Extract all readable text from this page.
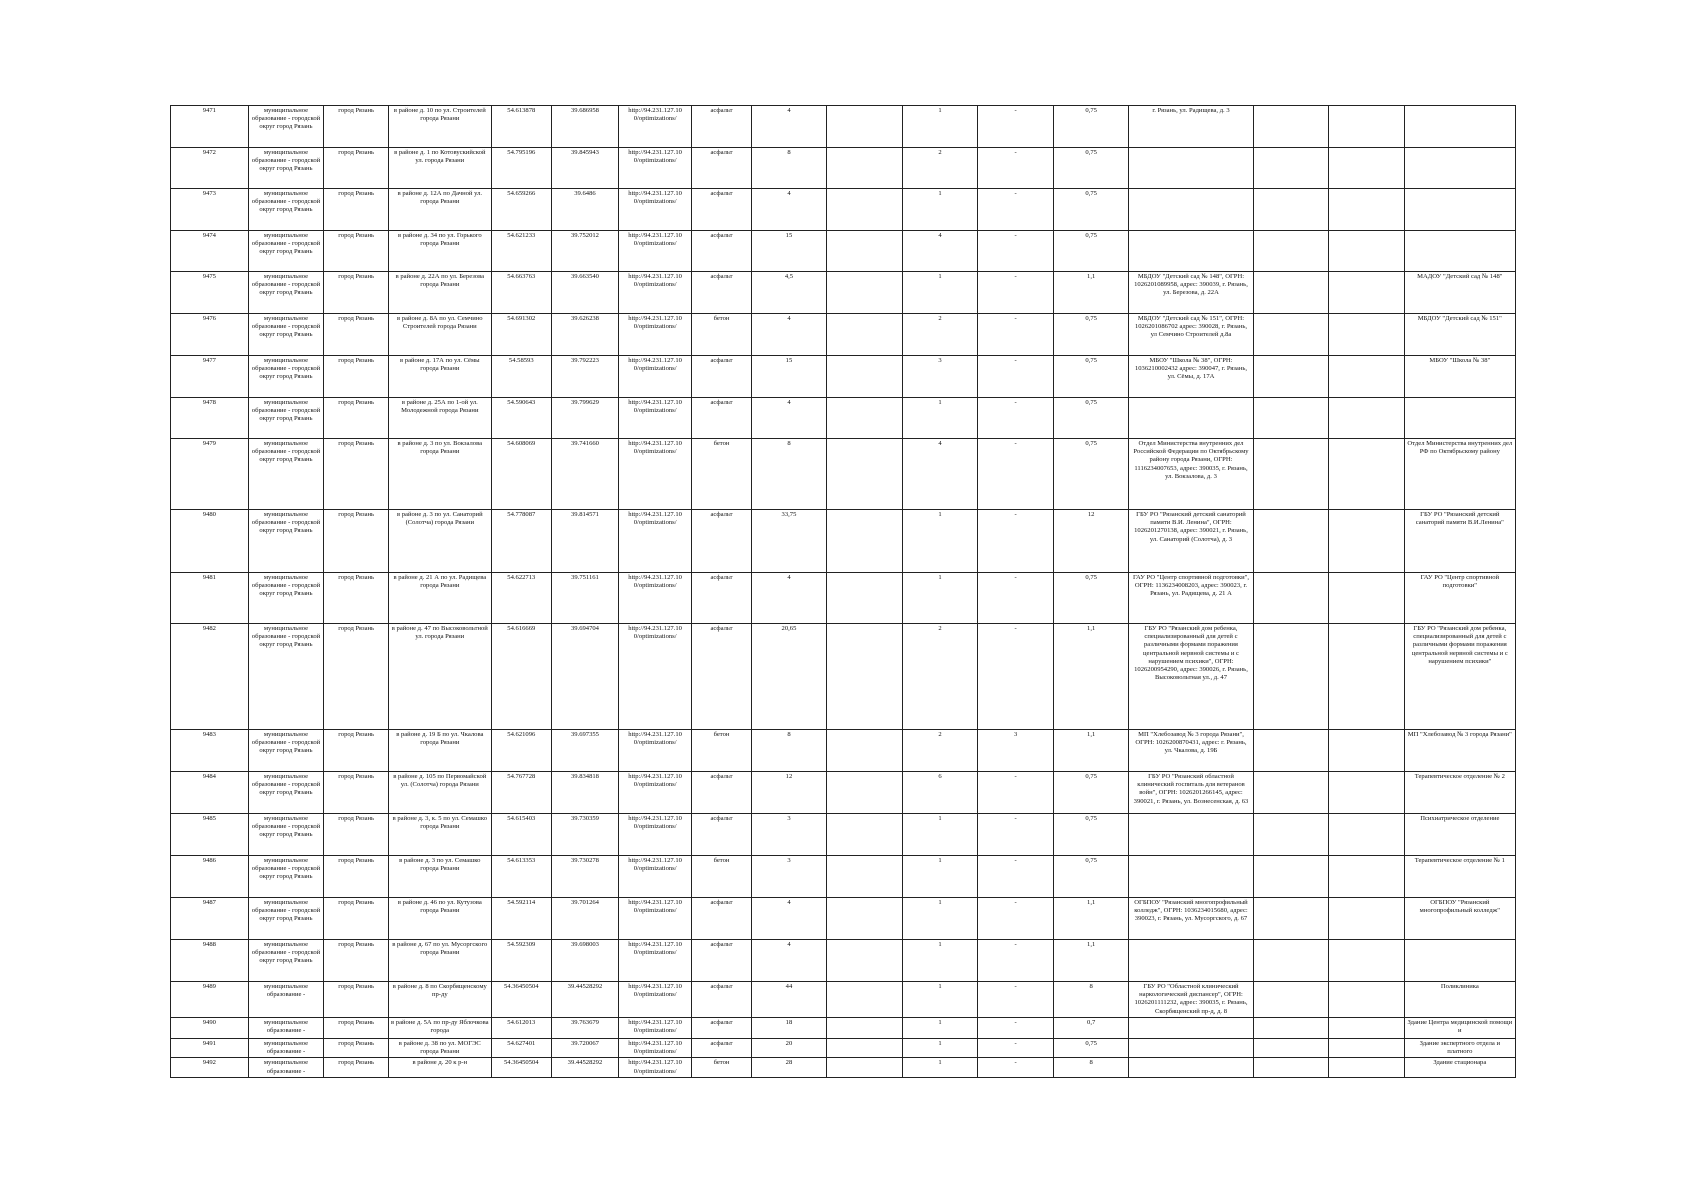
9471	муниципальное образование - городской округ город Рязань	город Рязань	в районе д. 10 по ул. Строителей города Рязани	54.613878	39.686958	http://94.231.127.10 0/optimizations/	асфальт	4		1	-	0,75	г. Рязань, ул. Радищева, д. 3			
9472	муниципальное образование - городской округ город Рязань	город Рязань	в районе д. 1 по Котовускийской ул. города Рязани	54.795196	39.845943	http://94.231.127.10 0/optimizations/	асфальт	8		2	-	0,75				
9473	муниципальное образование - городской округ город Рязань	город Рязань	в районе д. 12А по Дачной ул. города Рязани	54.659266	39.6486	http://94.231.127.10 0/optimizations/	асфальт	4		1	-	0,75				
9474	муниципальное образование - городской округ город Рязань	город Рязань	в районе д. 34 по ул. Горького города Рязани	54.621233	39.752012	http://94.231.127.10 0/optimizations/	асфальт	15		4	-	0,75				
9475	муниципальное образование - городской округ город Рязань	город Рязань	в районе д. 22А по ул. Березова города Рязани	54.663763	39.663540	http://94.231.127.10 0/optimizations/	асфальт	4,5		1	-	1,1	МБДОУ "Детский сад № 148", ОГРН: 1026201089958, адрес: 390039, г. Рязань, ул. Березова, д. 22А			МАДОУ "Детский сад № 148"
9476	муниципальное образование - городской округ город Рязань	город Рязань	в районе д. 8А по ул. Семчино Строителей города Рязани	54.691302	39.626238	http://94.231.127.10 0/optimizations/	бетон	4		2	-	0,75	МБДОУ "Детский сад № 151", ОГРН: 1026201086702 адрес: 390028, г. Рязань, ул Семчино Строителей д.8а			МБДОУ "Детский сад № 151"
9477	муниципальное образование - городской округ город Рязань	город Рязань	в районе д. 17А по ул. Сёмы города Рязани	54.58593	39.792223	http://94.231.127.10 0/optimizations/	асфальт	15		3	-	0,75	МБОУ "Школа № 38", ОГРН: 1036210002432 адрес: 390047, г. Рязань, ул. Сёмы, д. 17А			МБОУ "Школа № 38"
9478	муниципальное образование - городской округ город Рязань	город Рязань	в районе д. 25А по 1-ой ул. Молодежной города Рязани	54.590643	39.799629	http://94.231.127.10 0/optimizations/	асфальт	4		1	-	0,75				
9479	муниципальное образование - городской округ город Рязань	город Рязань	в районе д. 3 по ул. Вокзалова города Рязани	54.608069	39.741660	http://94.231.127.10 0/optimizations/	бетон	8		4	-	0,75	Отдел Министерства внутренних дел Российской Федерации по Октябрьскому району города Рязани, ОГРН: 1116234007653, адрес: 390035, г. Рязань, ул. Вокзалова, д. 3			Отдел Министерства внутренних дел РФ по Октябрьскому району
9480	муниципальное образование - городской округ город Рязань	город Рязань	в районе д. 3 по ул. Санаторий (Солотча) города Рязани	54.778087	39.814571	http://94.231.127.10 0/optimizations/	асфальт	33,75		1	-	12	ГБУ РО "Рязанский детский санаторий памяти В.И. Ленина", ОГРН: 1026201270138, адрес: 390021, г. Рязань, ул. Санаторий (Солотча), д. 3			ГБУ РО "Рязанский детский санаторий памяти В.И.Ленина"
9481	муниципальное образование - городской округ город Рязань	город Рязань	в районе д. 21 А по ул. Радищева города Рязани	54.622713	39.751161	http://94.231.127.10 0/optimizations/	асфальт	4		1	-	0,75	ГАУ РО "Центр спортивной подготовки", ОГРН: 1136234008203, адрес: 390023, г. Рязань, ул. Радищева, д. 21 А			ГАУ РО "Центр спортивной подготовки"
9482	муниципальное образование - городской округ город Рязань	город Рязань	в районе д. 47 по Высоковольтной ул. города Рязани	54.616669	39.694704	http://94.231.127.10 0/optimizations/	асфальт	20,65		2	-	1,1	ГБУ РО "Рязанский дом ребенка, специализированный для детей с различными формами поражения центральной нервной системы и с нарушением психики", ОГРН: 1026200954290, адрес: 390026, г. Рязань, Высоковольтная ул., д. 47			ГБУ РО "Рязанский дом ребенка, специализированный для детей с различными формами поражения центральной нервной системы и с нарушением психики"
9483	муниципальное образование - городской округ город Рязань	город Рязань	в районе д. 19 Б по ул. Чкалова города Рязани	54.621096	39.697355	http://94.231.127.10 0/optimizations/	бетон	8		2	3	1,1	МП "Хлебозавод № 3 города Рязани", ОГРН: 1026200870431, адрес: г. Рязань, ул. Чкалова, д. 19Б			МП "Хлебозавод № 3 города Рязани"
9484	муниципальное образование - городской округ город Рязань	город Рязань	в районе д. 105 по Первомайской ул. (Солотча) города Рязани	54.767728	39.834818	http://94.231.127.10 0/optimizations/	асфальт	12		6	-	0,75	ГБУ РО "Рязанский областной клинический госпиталь для ветеранов войн", ОГРН: 1026201266145, адрес: 390021, г. Рязань, ул. Вознесенская, д. 63			Терапевтическое отделение № 2
9485	муниципальное образование - городской округ город Рязань	город Рязань	в районе д. 3, к. 5 по ул. Семашко города Рязани	54.615403	39.730359	http://94.231.127.10 0/optimizations/	асфальт	3		1	-	0,75				Психиатрическое отделение
9486	муниципальное образование - городской округ город Рязань	город Рязань	в районе д. 3 по ул. Семашко города Рязани	54.613353	39.730278	http://94.231.127.10 0/optimizations/	бетон	3		1	-	0,75				Терапевтическое отделение № 1
9487	муниципальное образование - городской округ город Рязань	город Рязань	в районе д. 46 по ул. Кутузова города Рязани	54.592114	39.701264	http://94.231.127.10 0/optimizations/	асфальт	4		1	-	1,1	ОГБПОУ "Рязанский многопрофильный колледж", ОГРН: 1036234015680, адрес: 390023, г. Рязань, ул. Мусоргского, д. 67			ОГБПОУ "Рязанский многопрофильный колледж"
9488	муниципальное образование - городской округ город Рязань	город Рязань	в районе д. 67 по ул. Мусоргского города Рязани	54.592309	39.698003	http://94.231.127.10 0/optimizations/	асфальт	4		1	-	1,1				
9489	муниципальное образование -	город Рязань	в районе д. 8 по Скорбященскому пр-ду	54.36450504	39.44528292	http://94.231.127.10 0/optimizations/	асфальт	44		1	-	8	ГБУ РО "Областной клинический наркологический диспансер", ОГРН: 1026201111232, адрес: 390035, г. Рязань, Скорбященский пр-д, д. 8			Поликлиника
9490	муниципальное образование -	город Рязань	в районе д. 5А по пр-ду Яблочкова города	54.612013	39.763679	http://94.231.127.10 0/optimizations/	асфальт	18		1	-	0,7				Здание Центра медицинской помощи и
9491	муниципальное образование -	город Рязань	в районе д. 38 по ул. МОГЭС города Рязани	54.627401	39.720067	http://94.231.127.10 0/optimizations/	асфальт	20		1	-	0,75				Здание экспертного отдела и платного
9492	муниципальное образование -	город Рязань	в районе д. 20 к р-н	54.36450504	39.44528292	http://94.231.127.10 0/optimizations/	бетон	28		1	-	8				Здание стационара
